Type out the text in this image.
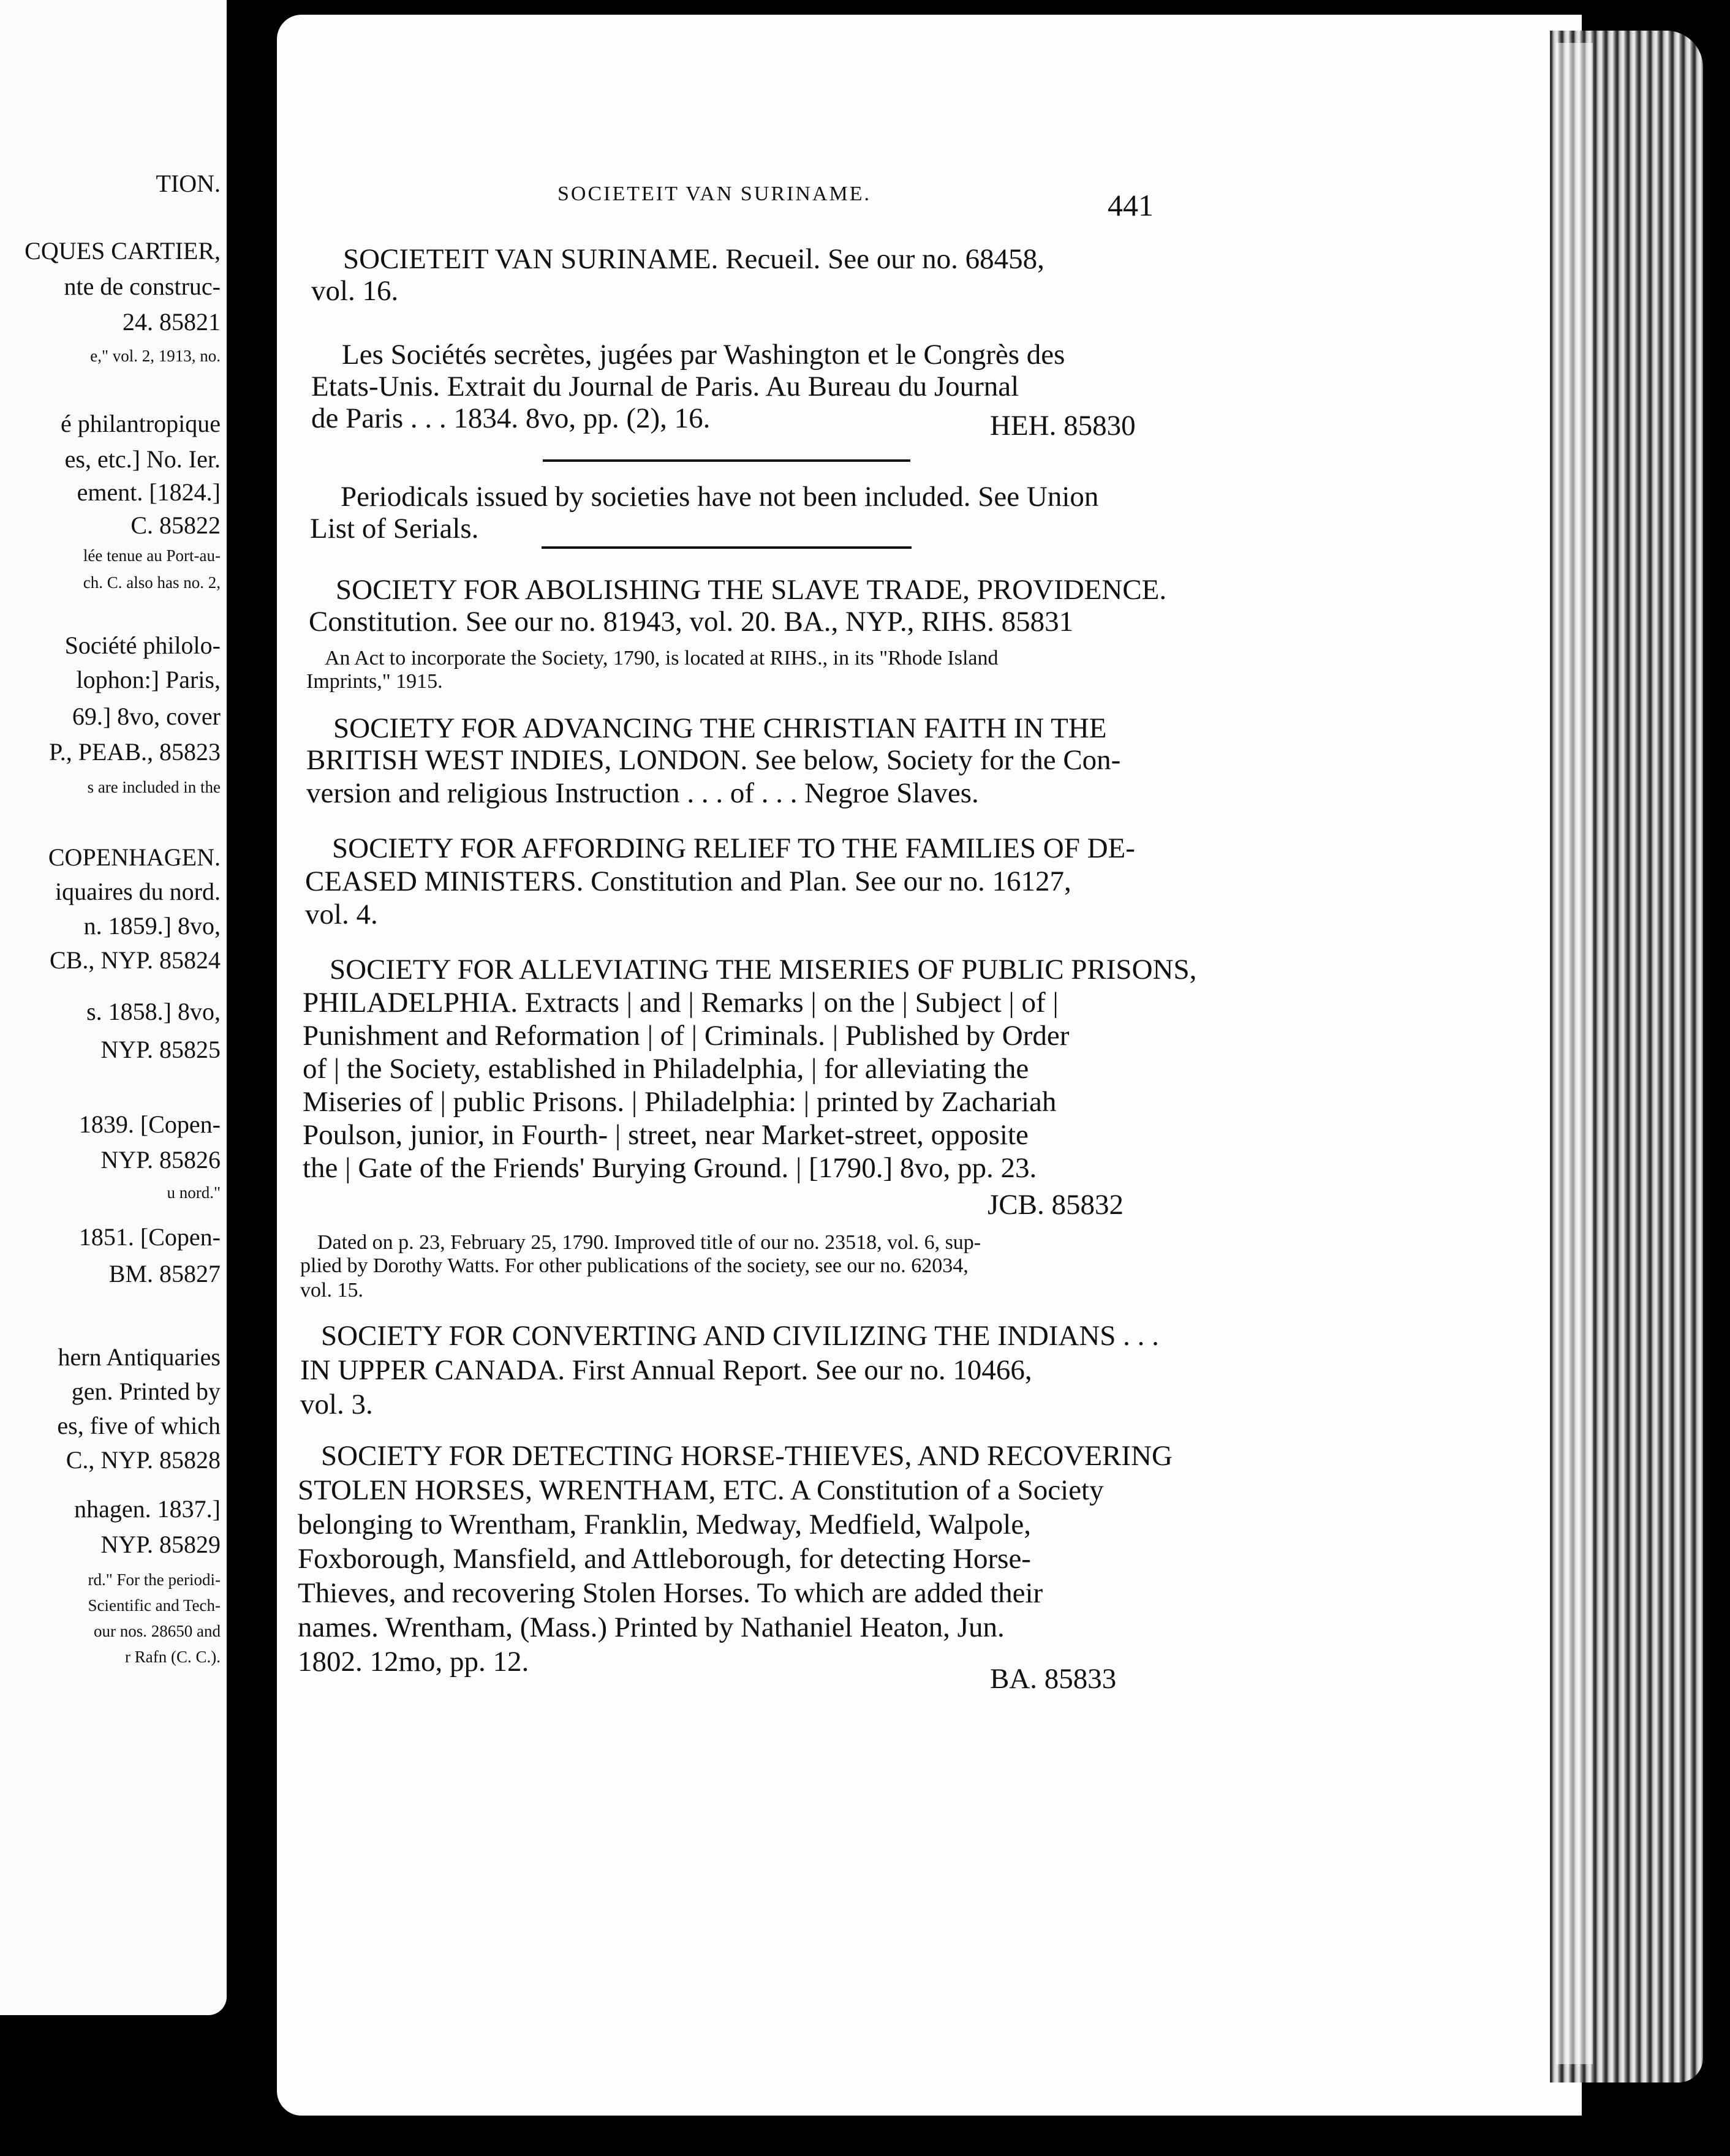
TION.
CQUES CARTIER,
nte de construc-
24. 85821
e," vol. 2, 1913, no.
é philantropique
es, etc.] No. Ier.
ement. [1824.]
C. 85822
lée tenue au Port-au-
ch. C. also has no. 2,
Société philolo-
lophon:] Paris,
69.] 8vo, cover
P., PEAB., 85823
s are included in the
COPENHAGEN.
iquaires du nord.
n. 1859.] 8vo,
CB., NYP. 85824
s. 1858.] 8vo,
NYP. 85825
1839. [Copen-
NYP. 85826
u nord."
1851. [Copen-
BM. 85827
hern Antiquaries
gen. Printed by
es, five of which
C., NYP. 85828
nhagen. 1837.]
NYP. 85829
rd." For the periodi-
Scientific and Tech-
our nos. 28650 and
r Rafn (C. C.).
SOCIETEIT VAN SURINAME.	441
SOCIETEIT VAN SURINAME. Recueil. See our no. 68458,
vol. 16.
Les Sociétés secrètes, jugées par Washington et le Congrès des
Etats-Unis. Extrait du Journal de Paris. Au Bureau du Journal
de Paris . . . 1834. 8vo, pp. (2), 16.	HEH. 85830
Periodicals issued by societies have not been included. See Union
List of Serials.
SOCIETY FOR ABOLISHING THE SLAVE TRADE, PROVIDENCE.
Constitution. See our no. 81943, vol. 20. BA., NYP., RIHS. 85831
An Act to incorporate the Society, 1790, is located at RIHS., in its "Rhode Island
Imprints," 1915.
SOCIETY FOR ADVANCING THE CHRISTIAN FAITH IN THE
BRITISH WEST INDIES, LONDON. See below, Society for the Con-
version and religious Instruction . . . of . . . Negroe Slaves.
SOCIETY FOR AFFORDING RELIEF TO THE FAMILIES OF DE-
CEASED MINISTERS. Constitution and Plan. See our no. 16127,
vol. 4.
SOCIETY FOR ALLEVIATING THE MISERIES OF PUBLIC PRISONS,
PHILADELPHIA. Extracts | and | Remarks | on the | Subject | of |
Punishment and Reformation | of | Criminals. | Published by Order
of | the Society, established in Philadelphia, | for alleviating the
Miseries of | public Prisons. | Philadelphia: | printed by Zachariah
Poulson, junior, in Fourth- | street, near Market-street, opposite
the | Gate of the Friends' Burying Ground. | [1790.] 8vo, pp. 23.
JCB. 85832
Dated on p. 23, February 25, 1790. Improved title of our no. 23518, vol. 6, sup-
plied by Dorothy Watts. For other publications of the society, see our no. 62034,
vol. 15.
SOCIETY FOR CONVERTING AND CIVILIZING THE INDIANS . . .
IN UPPER CANADA. First Annual Report. See our no. 10466,
vol. 3.
SOCIETY FOR DETECTING HORSE-THIEVES, AND RECOVERING
STOLEN HORSES, WRENTHAM, ETC. A Constitution of a Society
belonging to Wrentham, Franklin, Medway, Medfield, Walpole,
Foxborough, Mansfield, and Attleborough, for detecting Horse-
Thieves, and recovering Stolen Horses. To which are added their
names. Wrentham, (Mass.) Printed by Nathaniel Heaton, Jun.
1802. 12mo, pp. 12.
BA. 85833
